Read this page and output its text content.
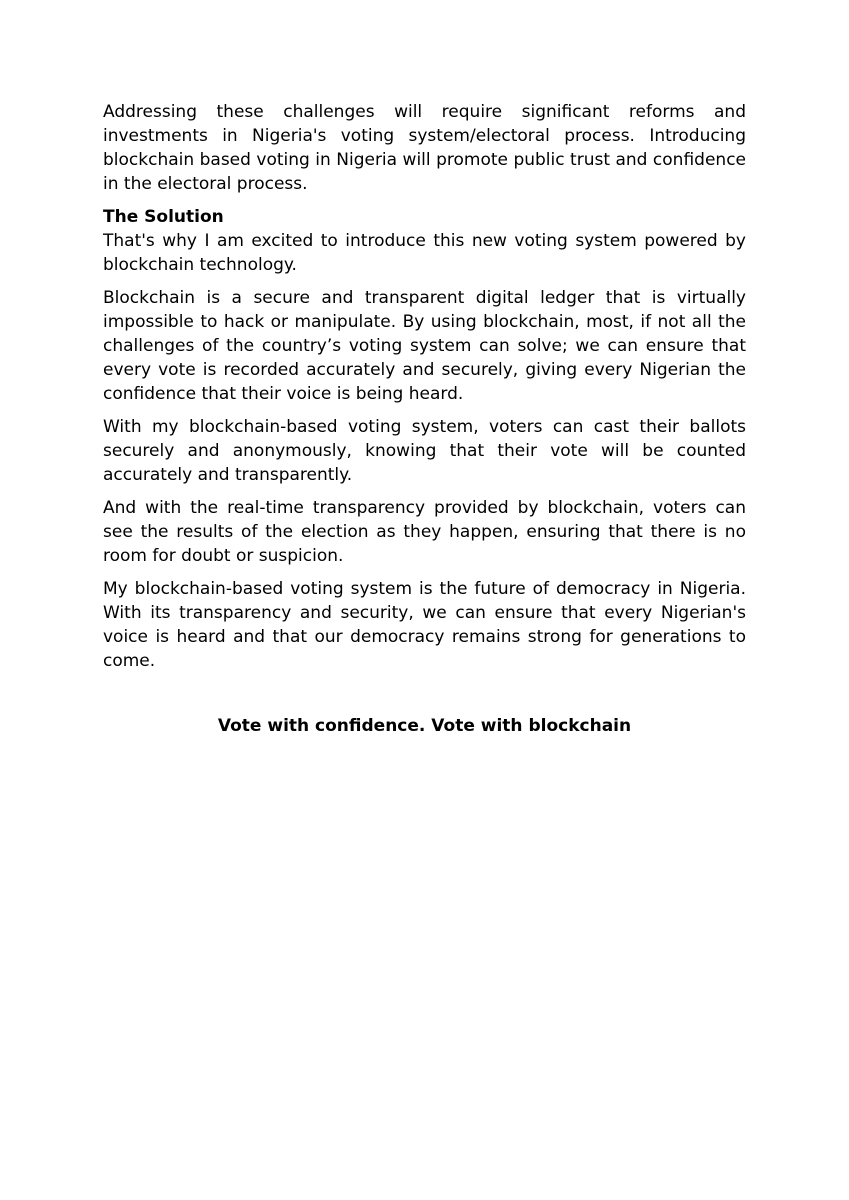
Addressing these challenges will require significant reforms and investments in Nigeria's voting system/electoral process. Introducing blockchain based voting in Nigeria will promote public trust and confidence in the electoral process.

The Solution

That's why I am excited to introduce this new voting system powered by blockchain technology.

Blockchain is a secure and transparent digital ledger that is virtually impossible to hack or manipulate. By using blockchain, most, if not all the challenges of the country’s voting system can solve; we can ensure that every vote is recorded accurately and securely, giving every Nigerian the confidence that their voice is being heard.

With my blockchain-based voting system, voters can cast their ballots securely and anonymously, knowing that their vote will be counted accurately and transparently.

And with the real-time transparency provided by blockchain, voters can see the results of the election as they happen, ensuring that there is no room for doubt or suspicion.

My blockchain-based voting system is the future of democracy in Nigeria. With its transparency and security, we can ensure that every Nigerian's voice is heard and that our democracy remains strong for generations to come.

Vote with confidence. Vote with blockchain
